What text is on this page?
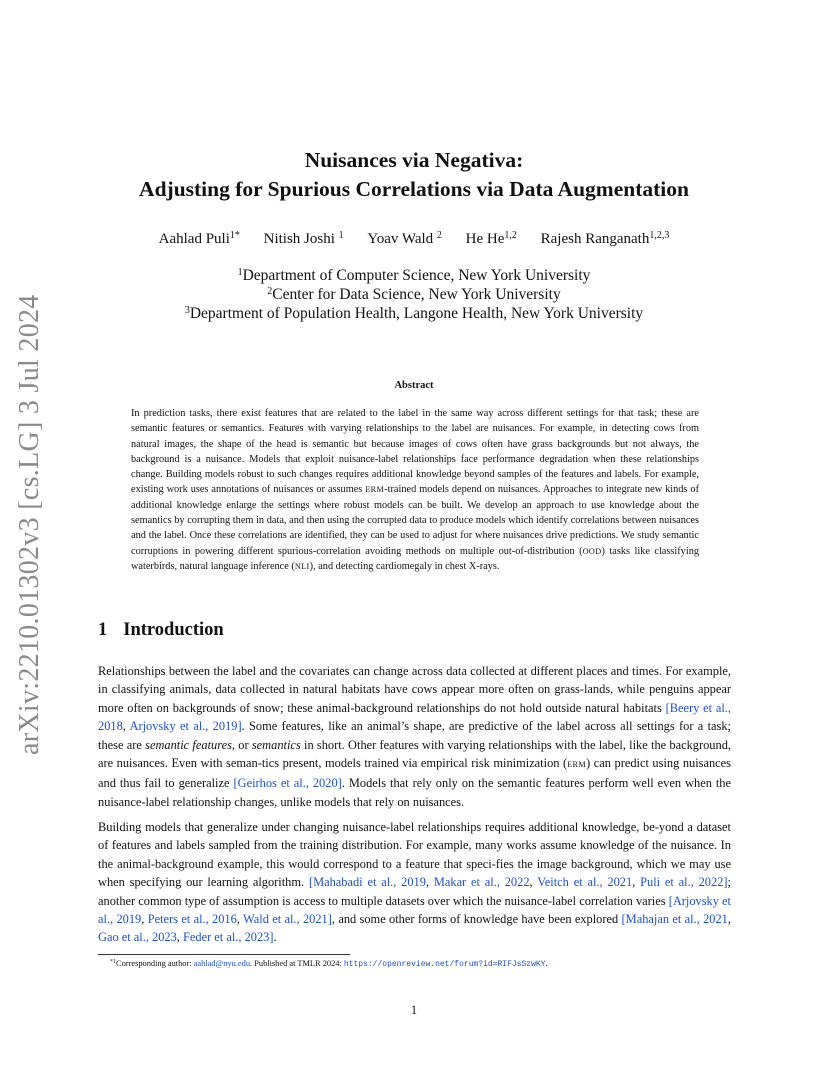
arXiv:2210.01302v3 [cs.LG] 3 Jul 2024
Nuisances via Negativa:
Adjusting for Spurious Correlations via Data Augmentation
Aahlad Puli$^{1*}$ Nitish Joshi $^1$ Yoav Wald $^2$ He He$^{1,2}$ Rajesh Ranganath$^{1,2,3}$
$^1$Department of Computer Science, New York University
$^2$Center for Data Science, New York University
$^3$Department of Population Health, Langone Health, New York University
Abstract
In prediction tasks, there exist features that are related to the label in the same way across different settings for that task; these are semantic features or semantics. Features with varying relationships to the label are nuisances. For example, in detecting cows from natural images, the shape of the head is semantic but because images of cows often have grass backgrounds but not always, the background is a nuisance. Models that exploit nuisance-label relationships face performance degradation when these relationships change. Building models robust to such changes requires additional knowledge beyond samples of the features and labels. For example, existing work uses annotations of nuisances or assumes ERM-trained models depend on nuisances. Approaches to integrate new kinds of additional knowledge enlarge the settings where robust models can be built. We develop an approach to use knowledge about the semantics by corrupting them in data, and then using the corrupted data to produce models which identify correlations between nuisances and the label. Once these correlations are identified, they can be used to adjust for where nuisances drive predictions. We study semantic corruptions in powering different spurious-correlation avoiding methods on multiple out-of-distribution (OOD) tasks like classifying waterbirds, natural language inference (NLI), and detecting cardiomegaly in chest X-rays.
1 Introduction
Relationships between the label and the covariates can change across data collected at different places and times. For example, in classifying animals, data collected in natural habitats have cows appear more often on grass-lands, while penguins appear more often on backgrounds of snow; these animal-background relationships do not hold outside natural habitats [Beery et al., 2018, Arjovsky et al., 2019]. Some features, like an animal’s shape, are predictive of the label across all settings for a task; these are semantic features, or semantics in short. Other features with varying relationships with the label, like the background, are nuisances. Even with seman-tics present, models trained via empirical risk minimization (ERM) can predict using nuisances and thus fail to generalize [Geirhos et al., 2020]. Models that rely only on the semantic features perform well even when the nuisance-label relationship changes, unlike models that rely on nuisances.
Building models that generalize under changing nuisance-label relationships requires additional knowledge, be-yond a dataset of features and labels sampled from the training distribution. For example, many works assume knowledge of the nuisance. In the animal-background example, this would correspond to a feature that speci-fies the image background, which we may use when specifying our learning algorithm. [Mahabadi et al., 2019, Makar et al., 2022, Veitch et al., 2021, Puli et al., 2022]; another common type of assumption is access to multiple datasets over which the nuisance-label correlation varies [Arjovsky et al., 2019, Peters et al., 2016, Wald et al., 2021], and some other forms of knowledge have been explored [Mahajan et al., 2021, Gao et al., 2023, Feder et al., 2023].
$^{*1}$Corresponding author: aahlad@nyu.edu. Published at TMLR 2024: https://openreview.net/forum?id=RIFJsSzwKY.
1
